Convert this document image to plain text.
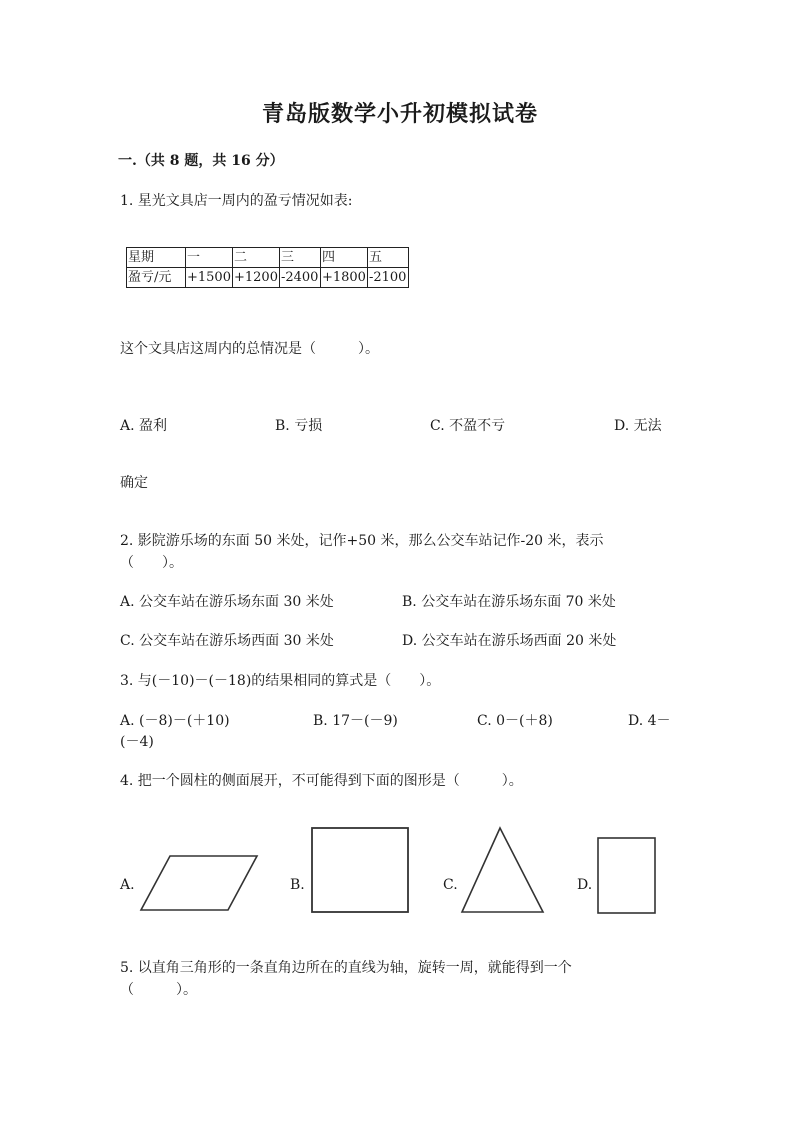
青岛版数学小升初模拟试卷
一.（共 8 题，共 16 分）
1. 星光文具店一周内的盈亏情况如表:
星期	一	二	三	四	五
盈亏/元	+1500	+1200	-2400	+1800	-2100
这个文具店这周内的总情况是（　　　）。
A. 盈利	B. 亏损	C. 不盈不亏	D. 无法
确定
2. 影院游乐场的东面 50 米处，记作+50 米，那么公交车站记作-20 米，表示
（　　）。
A. 公交车站在游乐场东面 30 米处	B. 公交车站在游乐场东面 70 米处
C. 公交车站在游乐场西面 30 米处	D. 公交车站在游乐场西面 20 米处
3. 与(－10)－(－18)的结果相同的算式是（　　）。
A. (－8)－(＋10)	B. 17－(－9)	C. 0－(＋8)	D. 4－
(－4)
4. 把一个圆柱的侧面展开，不可能得到下面的图形是（　　　）。
A.	B.	C.	D.
5. 以直角三角形的一条直角边所在的直线为轴，旋转一周，就能得到一个
（　　　）。
